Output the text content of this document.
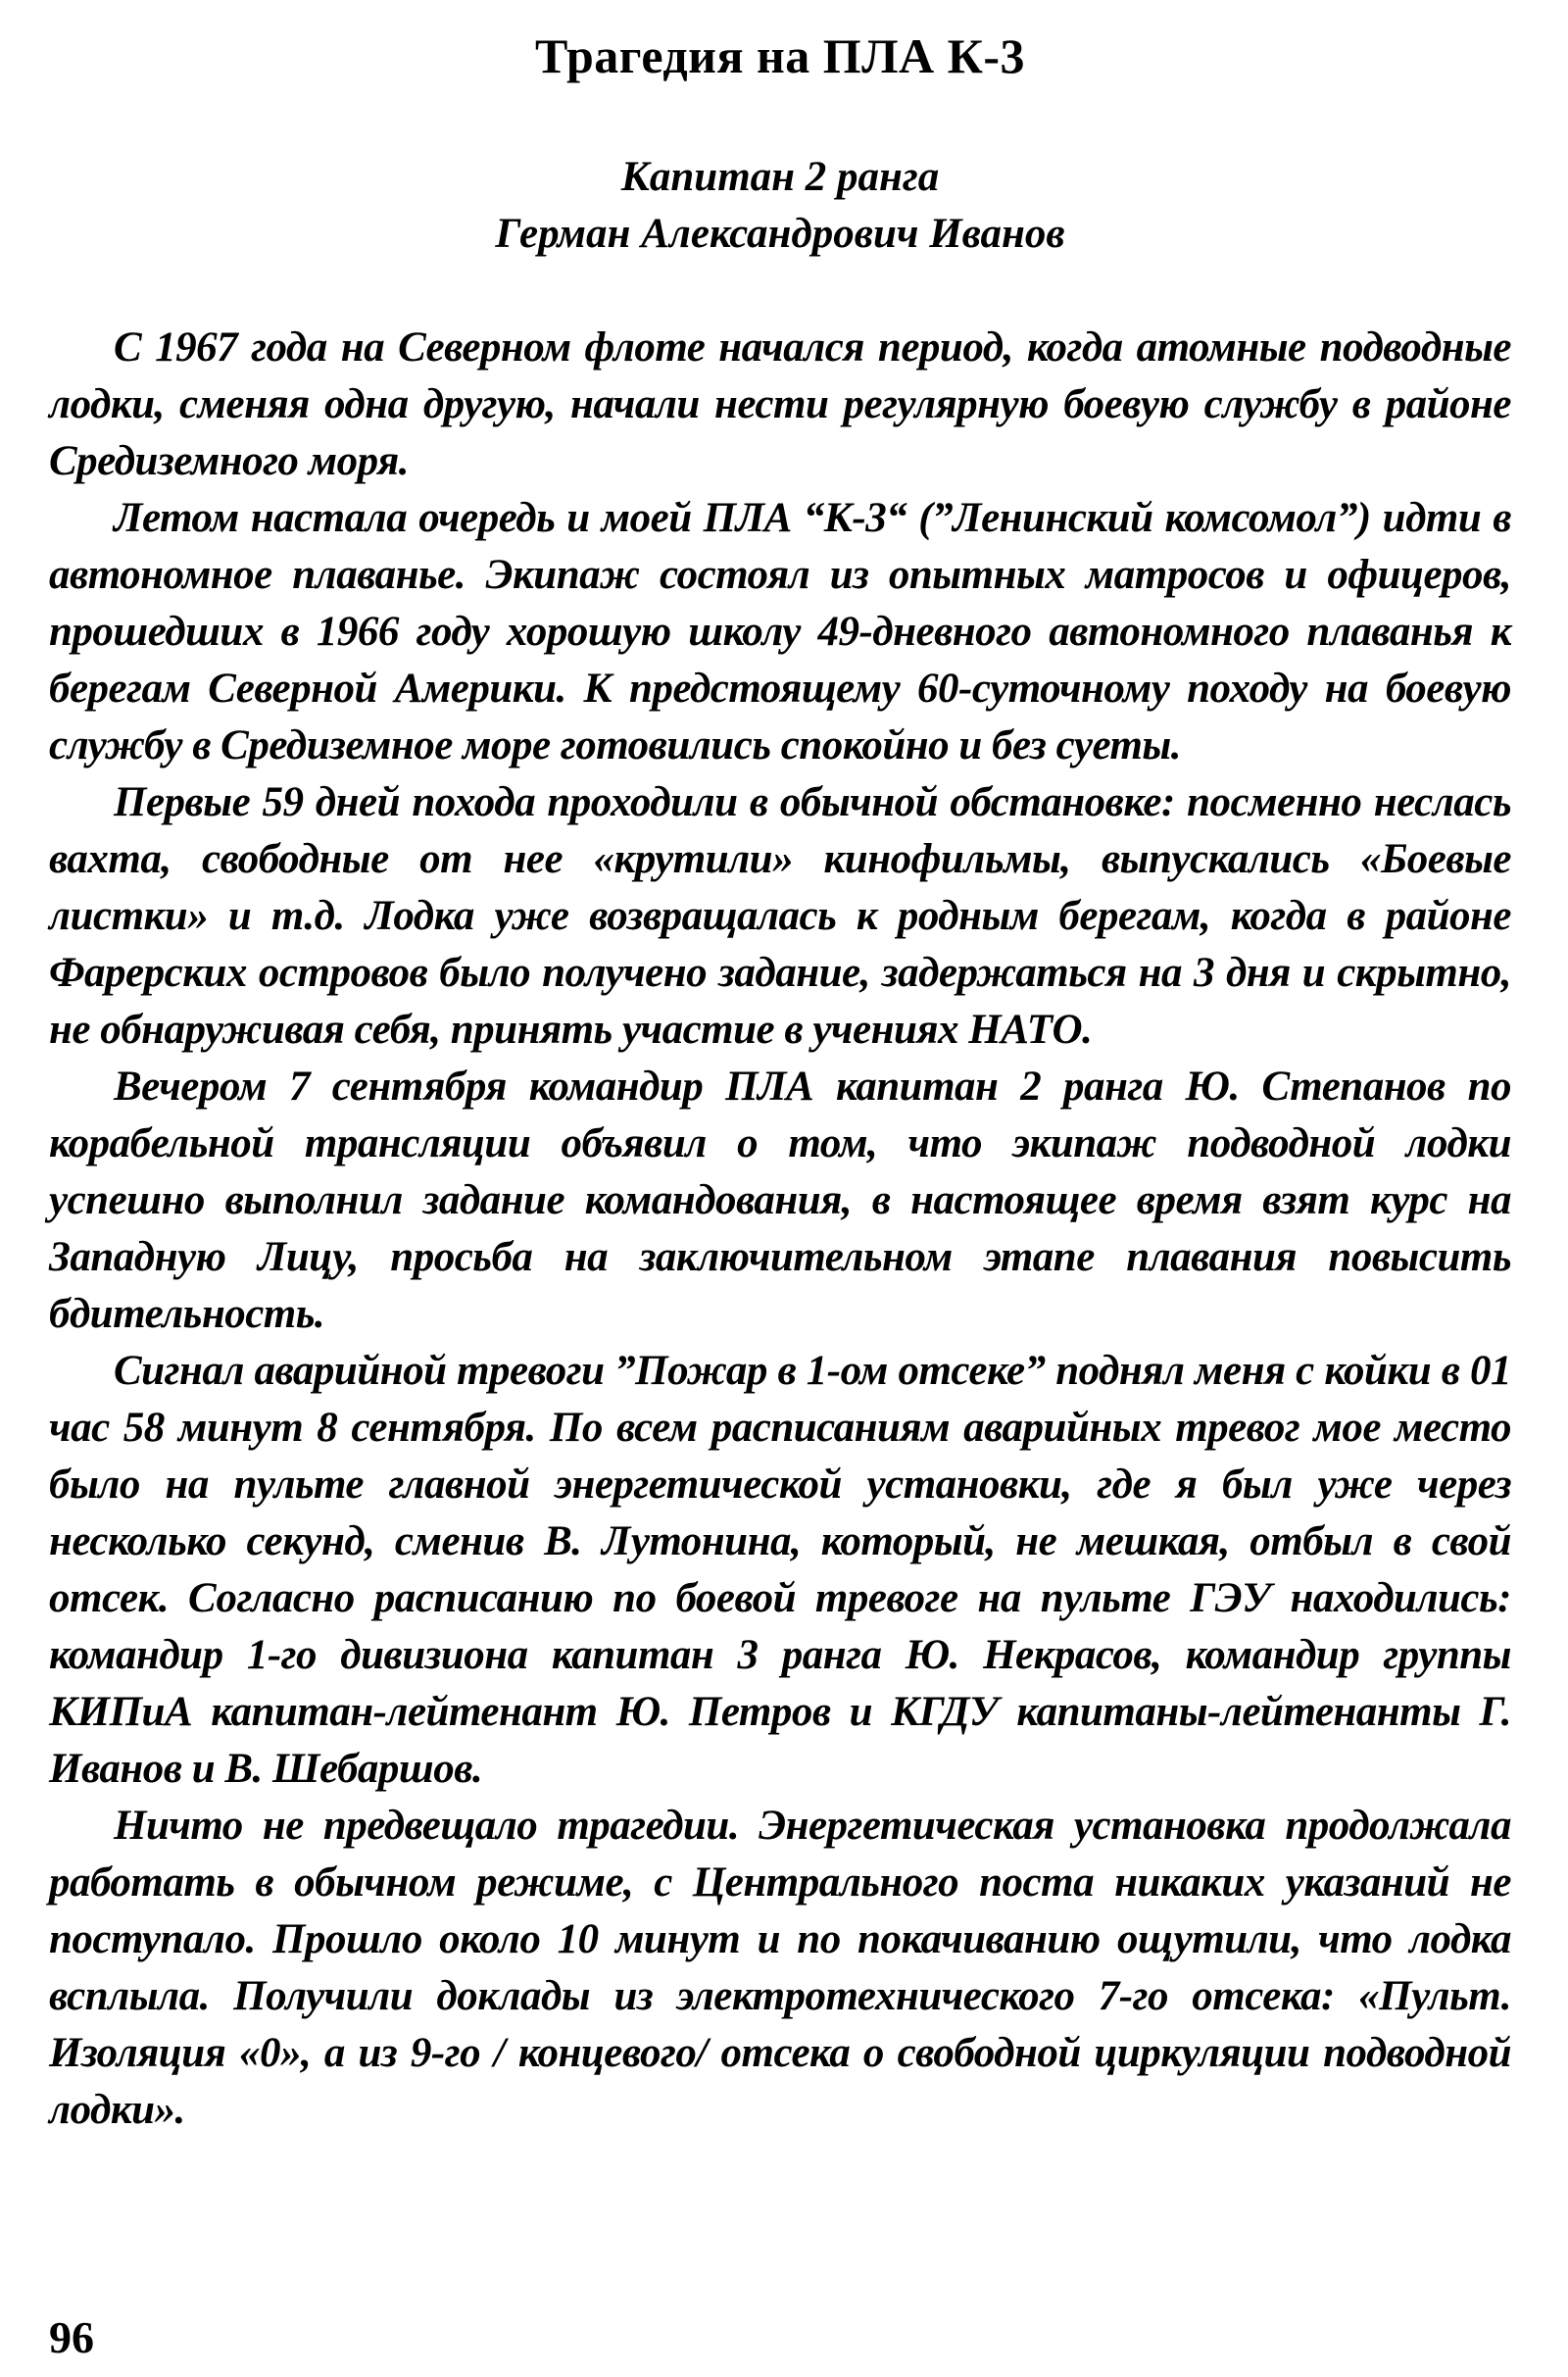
Трагедия на ПЛА К-3
Капитан 2 ранга
Герман Александрович Иванов

С 1967 года на Северном флоте начался период, когда атомные подводные лодки, сменяя одна другую, начали нести регулярную боевую службу в районе Средиземного моря.

Летом настала очередь и моей ПЛА “К-3“ (”Ленинский комсомол”) идти в автономное плаванье. Экипаж состоял из опытных матросов и офицеров, прошедших в 1966 году хорошую школу 49-дневного автономного плаванья к берегам Северной Америки. К предстоящему 60-суточному походу на боевую службу в Средиземное море готовились спокойно и без суеты.

Первые 59 дней похода проходили в обычной обстановке: посменно неслась вахта, свободные от нее «крутили» кинофильмы, выпускались «Боевые листки» и т.д. Лодка уже возвращалась к родным берегам, когда в районе Фарерских островов было получено задание, задержаться на 3 дня и скрытно, не обнаруживая себя, принять участие в учениях НАТО.

Вечером 7 сентября командир ПЛА капитан 2 ранга Ю. Степанов по корабельной трансляции объявил о том, что экипаж подводной лодки успешно выполнил задание командования, в настоящее время взят курс на Западную Лицу, просьба на заключительном этапе плавания повысить бдительность.

Сигнал аварийной тревоги ”Пожар в 1-ом отсеке” поднял меня с койки в 01 час 58 минут 8 сентября. По всем расписаниям аварийных тревог мое место было на пульте главной энергетической установки, где я был уже через несколько секунд, сменив В. Лутонина, который, не мешкая, отбыл в свой отсек. Согласно расписанию по боевой тревоге на пульте ГЭУ находились: командир 1-го дивизиона капитан 3 ранга Ю. Некрасов, командир группы КИПиА капитан-лейтенант Ю. Петров и КГДУ капитаны-лейтенанты Г. Иванов и В. Шебаршов.

Ничто не предвещало трагедии. Энергетическая установка продолжала работать в обычном режиме, с Центрального поста никаких указаний не поступало. Прошло около 10 минут и по покачиванию ощутили, что лодка всплыла. Получили доклады из электротехнического 7-го отсека: «Пульт. Изоляция «0», а из 9-го / концевого/ отсека о свободной циркуляции подводной лодки».

96
